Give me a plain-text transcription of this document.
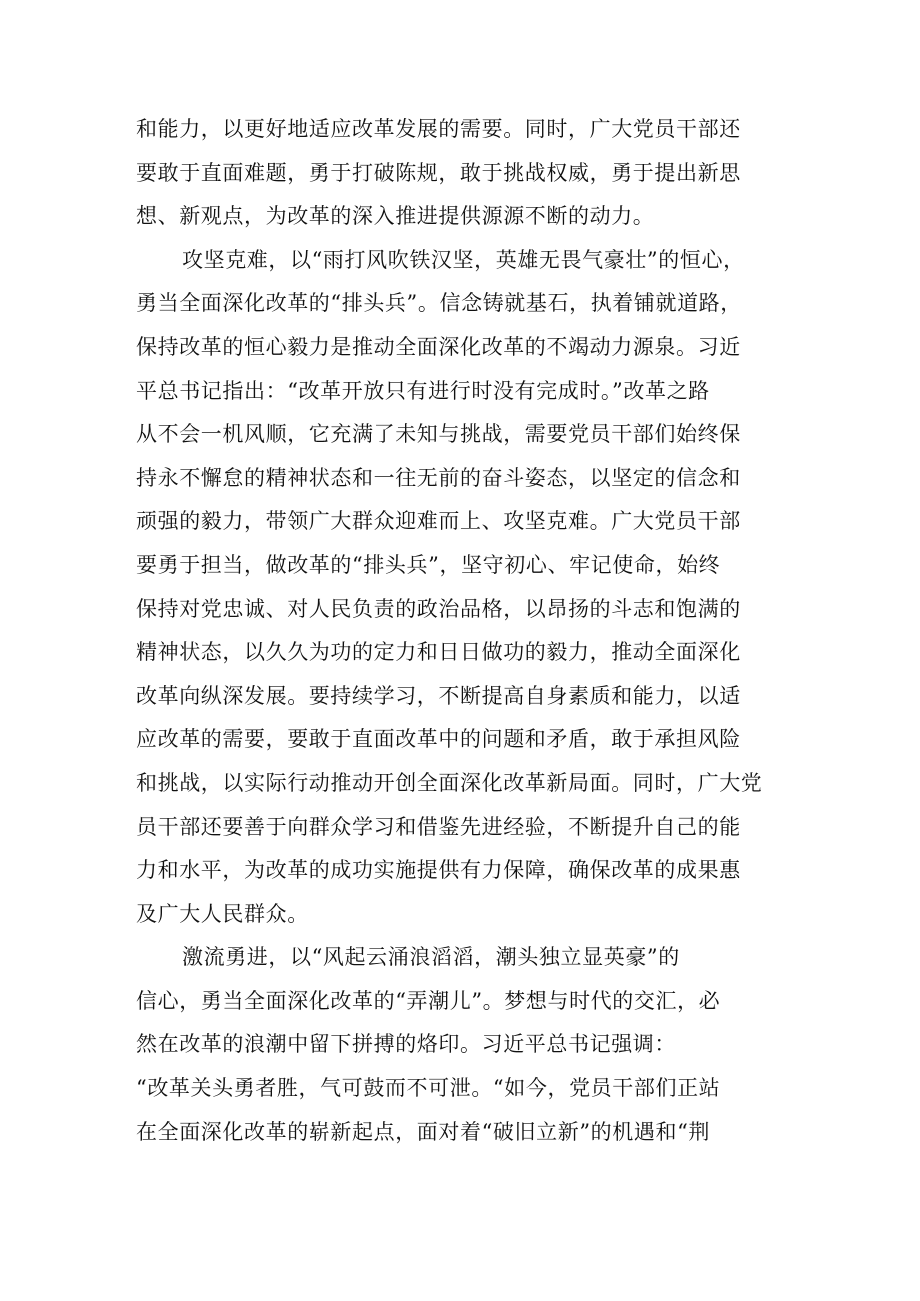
和能力，以更好地适应改革发展的需要。同时，广大党员干部还
要敢于直面难题，勇于打破陈规，敢于挑战权威，勇于提出新思
想、新观点，为改革的深入推进提供源源不断的动力。
攻坚克难，以“雨打风吹铁汉坚，英雄无畏气豪壮”的恒心，
勇当全面深化改革的“排头兵”。信念铸就基石，执着铺就道路，
保持改革的恒心毅力是推动全面深化改革的不竭动力源泉。习近
平总书记指出：“改革开放只有进行时没有完成时。”改革之路
从不会一机风顺，它充满了未知与挑战，需要党员干部们始终保
持永不懈怠的精神状态和一往无前的奋斗姿态，以坚定的信念和
顽强的毅力，带领广大群众迎难而上、攻坚克难。广大党员干部
要勇于担当，做改革的“排头兵”，坚守初心、牢记使命，始终
保持对党忠诚、对人民负责的政治品格，以昂扬的斗志和饱满的
精神状态，以久久为功的定力和日日做功的毅力，推动全面深化
改革向纵深发展。要持续学习，不断提高自身素质和能力，以适
应改革的需要，要敢于直面改革中的问题和矛盾，敢于承担风险
和挑战，以实际行动推动开创全面深化改革新局面。同时，广大党
员干部还要善于向群众学习和借鉴先进经验，不断提升自己的能
力和水平，为改革的成功实施提供有力保障，确保改革的成果惠
及广大人民群众。
激流勇进，以“风起云涌浪滔滔，潮头独立显英豪”的
信心，勇当全面深化改革的“弄潮儿”。梦想与时代的交汇，必
然在改革的浪潮中留下拼搏的烙印。习近平总书记强调：
“改革关头勇者胜，气可鼓而不可泄。“如今，党员干部们正站
在全面深化改革的崭新起点，面对着“破旧立新”的机遇和“荆
